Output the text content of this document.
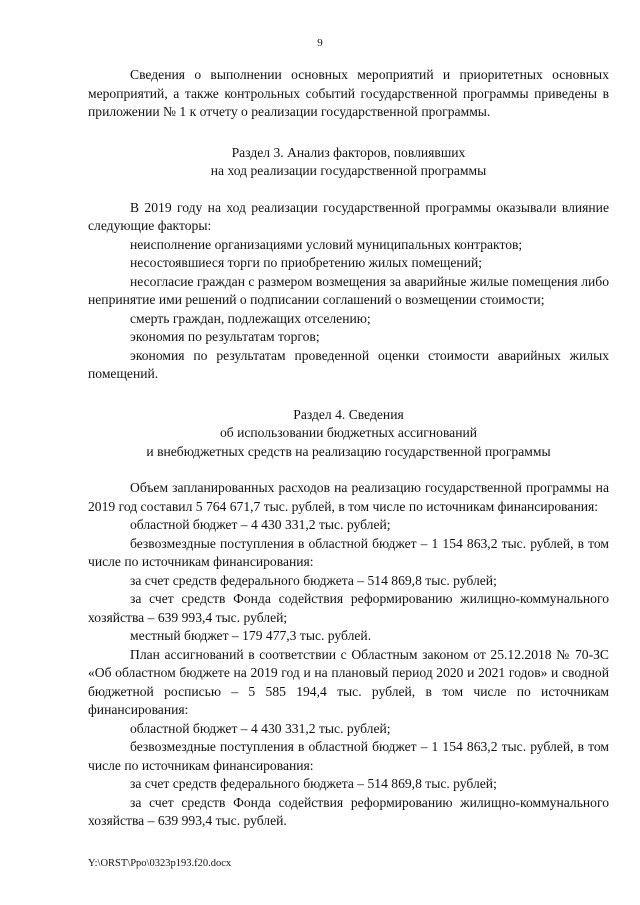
9

Сведения о выполнении основных мероприятий и приоритетных основных мероприятий, а также контрольных событий государственной программы приведены в приложении № 1 к отчету о реализации государственной программы.

Раздел 3. Анализ факторов, повлиявших

на ход реализации государственной программы

В 2019 году на ход реализации государственной программы оказывали влияние следующие факторы:

неисполнение организациями условий муниципальных контрактов;

несостоявшиеся торги по приобретению жилых помещений;

несогласие граждан с размером возмещения за аварийные жилые помещения либо непринятие ими решений о подписании соглашений о возмещении стоимости;

смерть граждан, подлежащих отселению;

экономия по результатам торгов;

экономия по результатам проведенной оценки стоимости аварийных жилых помещений.

Раздел 4. Сведения

об использовании бюджетных ассигнований

и внебюджетных средств на реализацию государственной программы

Объем запланированных расходов на реализацию государственной программы на 2019 год составил 5 764 671,7 тыс. рублей, в том числе по источникам финансирования:

областной бюджет – 4 430 331,2 тыс. рублей;

безвозмездные поступления в областной бюджет – 1 154 863,2 тыс. рублей, в том числе по источникам финансирования:

за счет средств федерального бюджета – 514 869,8 тыс. рублей;

за счет средств Фонда содействия реформированию жилищно-коммунального хозяйства – 639 993,4 тыс. рублей;

местный бюджет – 179 477,3 тыс. рублей.

План ассигнований в соответствии с Областным законом от 25.12.2018 № 70-ЗС «Об областном бюджете на 2019 год и на плановый период 2020 и 2021 годов» и сводной бюджетной росписью – 5 585 194,4 тыс. рублей, в том числе по источникам финансирования:

областной бюджет – 4 430 331,2 тыс. рублей;

безвозмездные поступления в областной бюджет – 1 154 863,2 тыс. рублей, в том числе по источникам финансирования:

за счет средств федерального бюджета – 514 869,8 тыс. рублей;

за счет средств Фонда содействия реформированию жилищно-коммунального хозяйства – 639 993,4 тыс. рублей.

Y:\ORST\Ppo\0323p193.f20.docx
